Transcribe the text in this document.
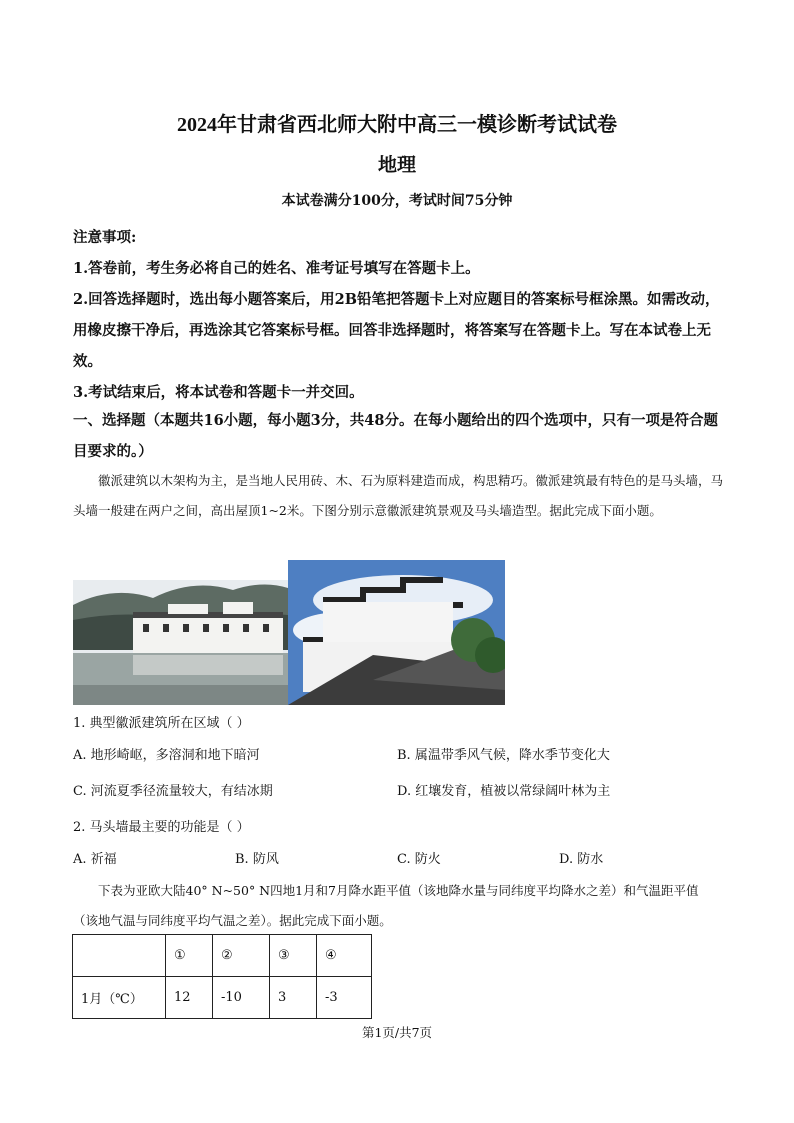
2024年甘肃省西北师大附中高三一模诊断考试试卷
地理
本试卷满分100分，考试时间75分钟
注意事项:
1.答卷前，考生务必将自己的姓名、准考证号填写在答题卡上。
2.回答选择题时，选出每小题答案后，用2B铅笔把答题卡上对应题目的答案标号框涂黑。如需改动，用橡皮擦干净后，再选涂其它答案标号框。回答非选择题时，将答案写在答题卡上。写在本试卷上无效。
3.考试结束后，将本试卷和答题卡一并交回。
一、选择题（本题共16小题，每小题3分，共48分。在每小题给出的四个选项中，只有一项是符合题目要求的。）
徽派建筑以木架构为主，是当地人民用砖、木、石为原料建造而成，构思精巧。徽派建筑最有特色的是马头墙，马头墙一般建在两户之间，高出屋顶1~2米。下图分别示意徽派建筑景观及马头墙造型。据此完成下面小题。
1. 典型徽派建筑所在区域（ ）
A. 地形崎岖，多溶洞和地下暗河	B. 属温带季风气候，降水季节变化大
C. 河流夏季径流量较大，有结冰期	D. 红壤发育，植被以常绿阔叶林为主
2. 马头墙最主要的功能是（ ）
A. 祈福	B. 防风	C. 防火	D. 防水
下表为亚欧大陆40° N~50° N四地1月和7月降水距平值（该地降水量与同纬度平均降水之差）和气温距平值（该地气温与同纬度平均气温之差）。据此完成下面小题。
	①	②	③	④
1月（℃）	12	-10	3	-3
第1页/共7页
